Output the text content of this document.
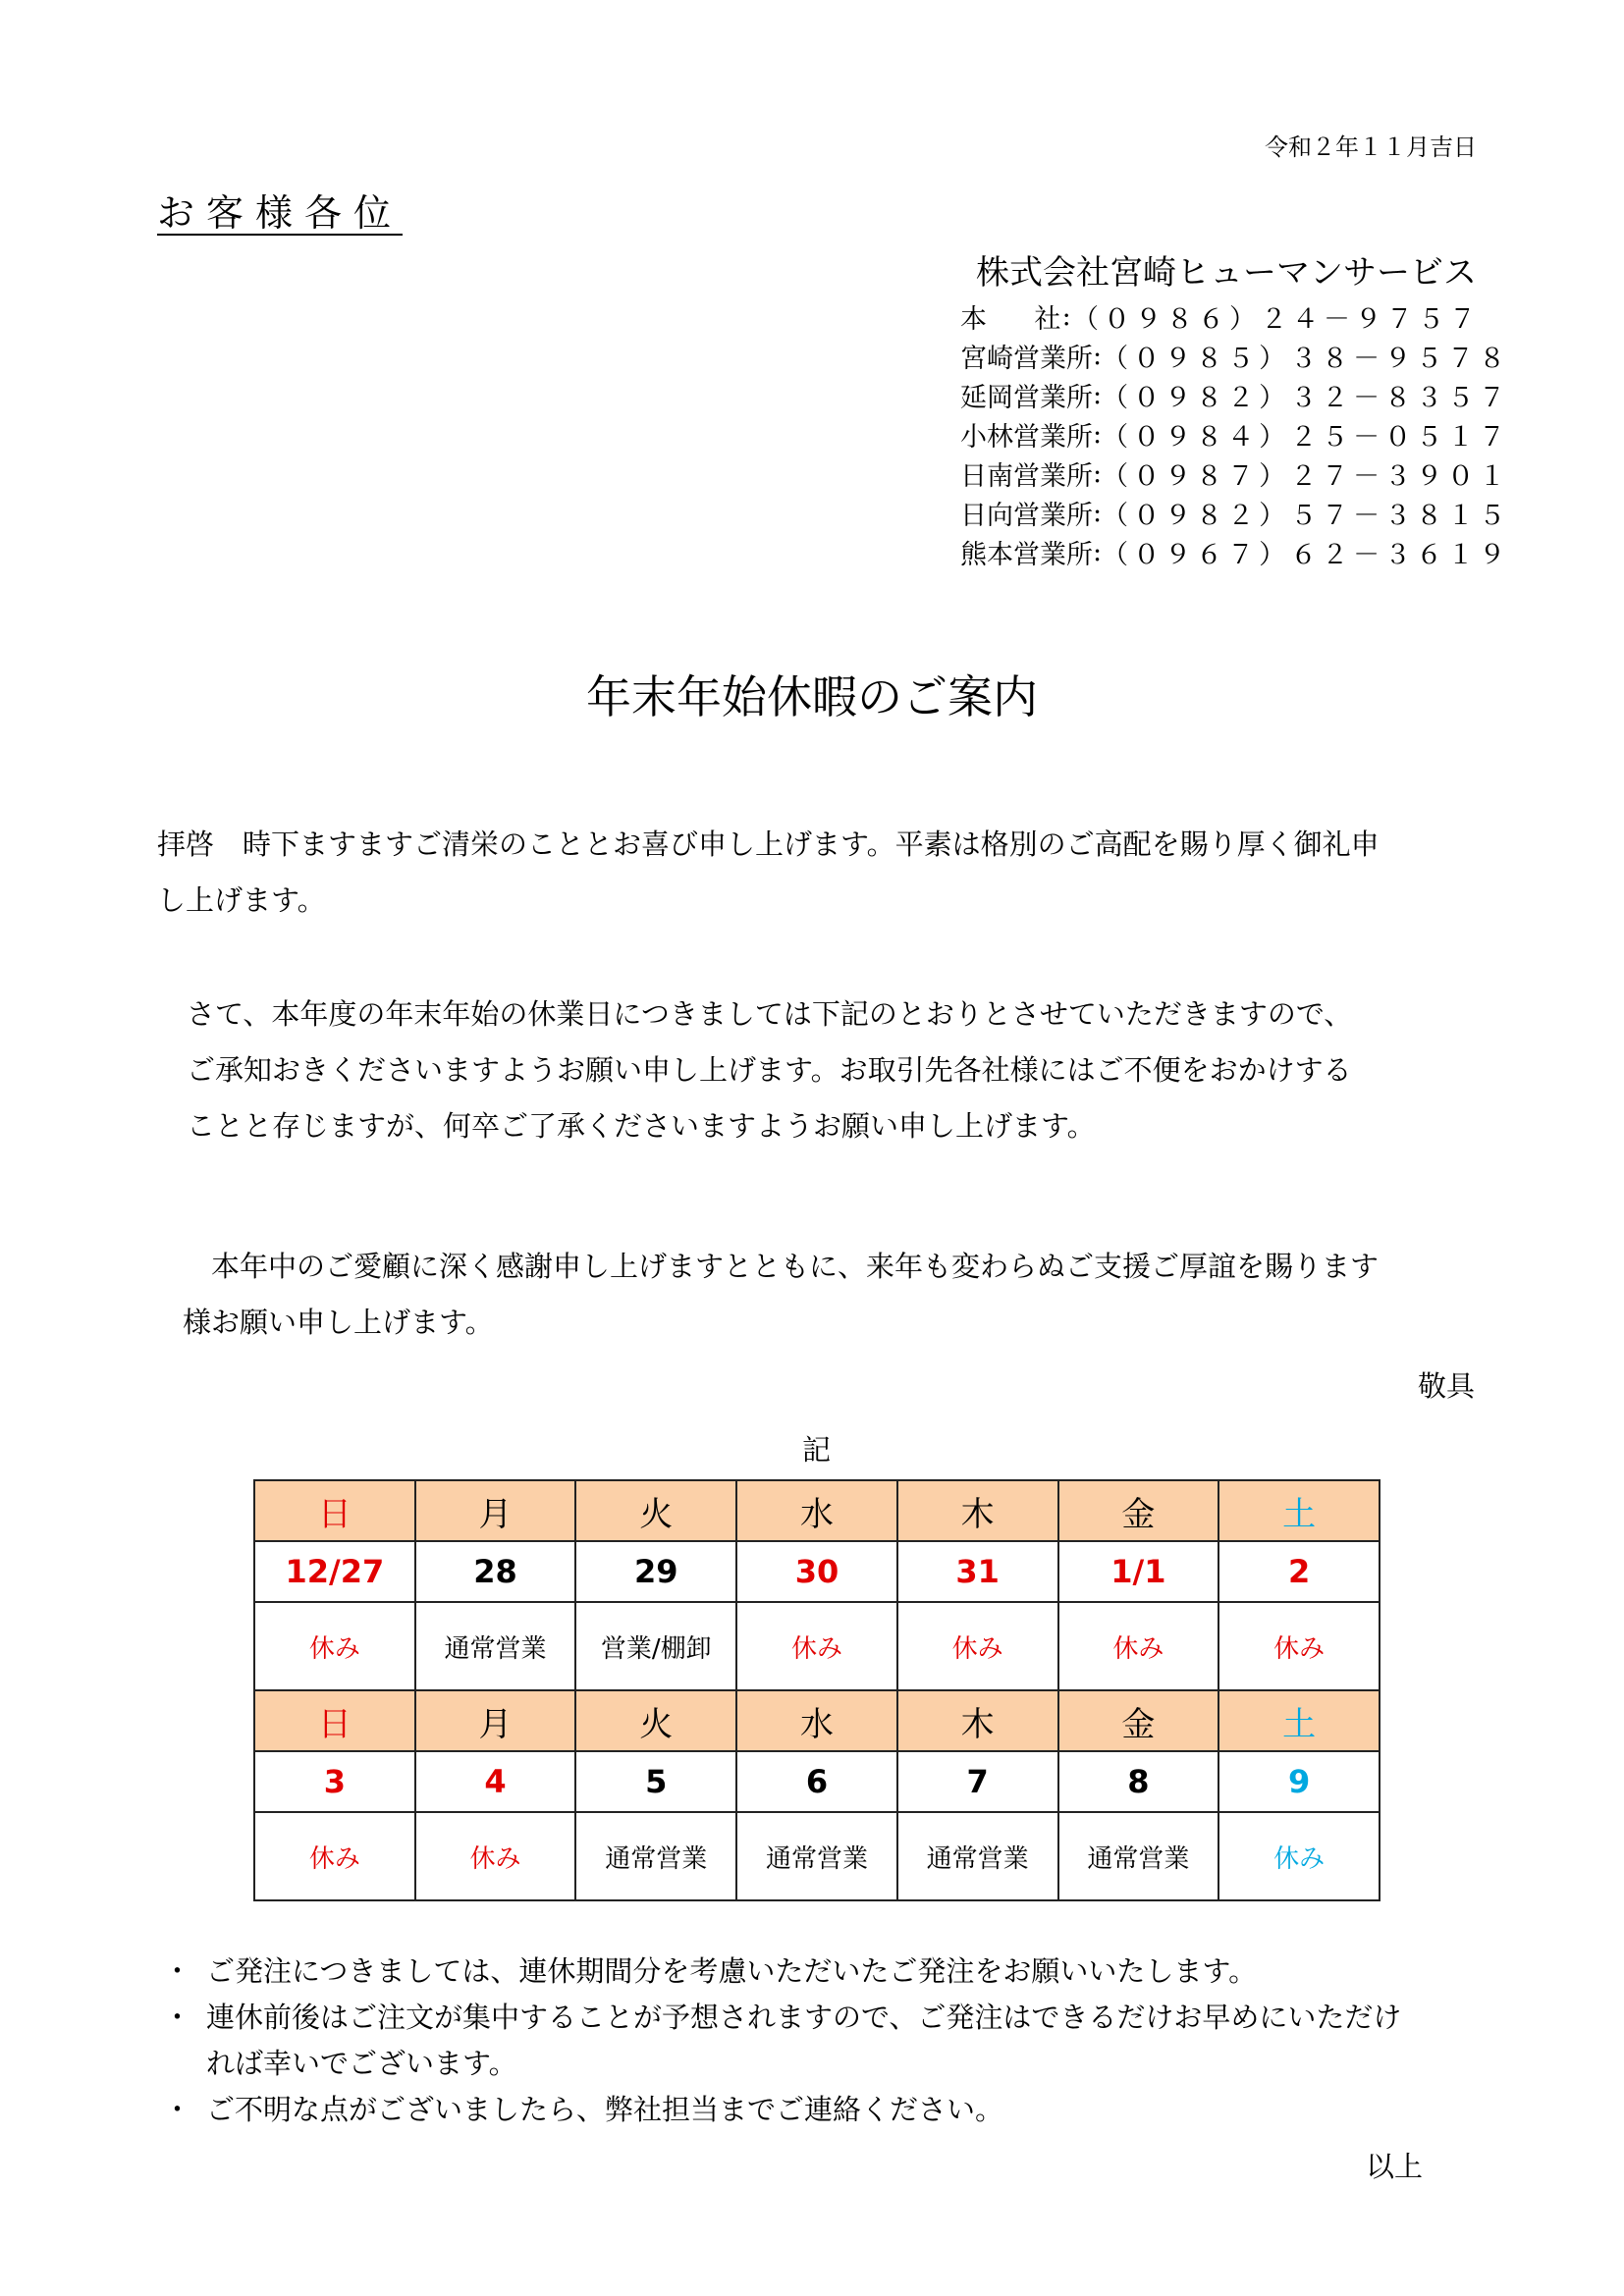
令和２年１１月吉日
お客様各位
株式会社宮崎ヒューマンサービス
本社 : （０９８６）２４－９７５７
宮崎営業所 : （０９８５）３８－９５７８
延岡営業所 : （０９８２）３２－８３５７
小林営業所 : （０９８４）２５－０５１７
日南営業所 : （０９８７）２７－３９０１
日向営業所 : （０９８２）５７－３８１５
熊本営業所 : （０９６７）６２－３６１９
年末年始休暇のご案内
拝啓　時下ますますご清栄のこととお喜び申し上げます。平素は格別のご高配を賜り厚く御礼申
し上げます。
さて、本年度の年末年始の休業日につきましては下記のとおりとさせていただきますので、
ご承知おきくださいますようお願い申し上げます。お取引先各社様にはご不便をおかけする
ことと存じますが、何卒ご了承くださいますようお願い申し上げます。
　本年中のご愛顧に深く感謝申し上げますとともに、来年も変わらぬご支援ご厚誼を賜ります
様お願い申し上げます。
敬具
記
日	月	火	水	木	金	土
12/27	28	29	30	31	1/1	2
休み	通常営業	営業/棚卸	休み	休み	休み	休み
日	月	火	水	木	金	土
3	4	5	6	7	8	9
休み	休み	通常営業	通常営業	通常営業	通常営業	休み
・ ご発注につきましては、連休期間分を考慮いただいたご発注をお願いいたします。
・ 連休前後はご注文が集中することが予想されますので、ご発注はできるだけお早めにいただけ
れば幸いでございます。
・ ご不明な点がございましたら、弊社担当までご連絡ください。
以上
